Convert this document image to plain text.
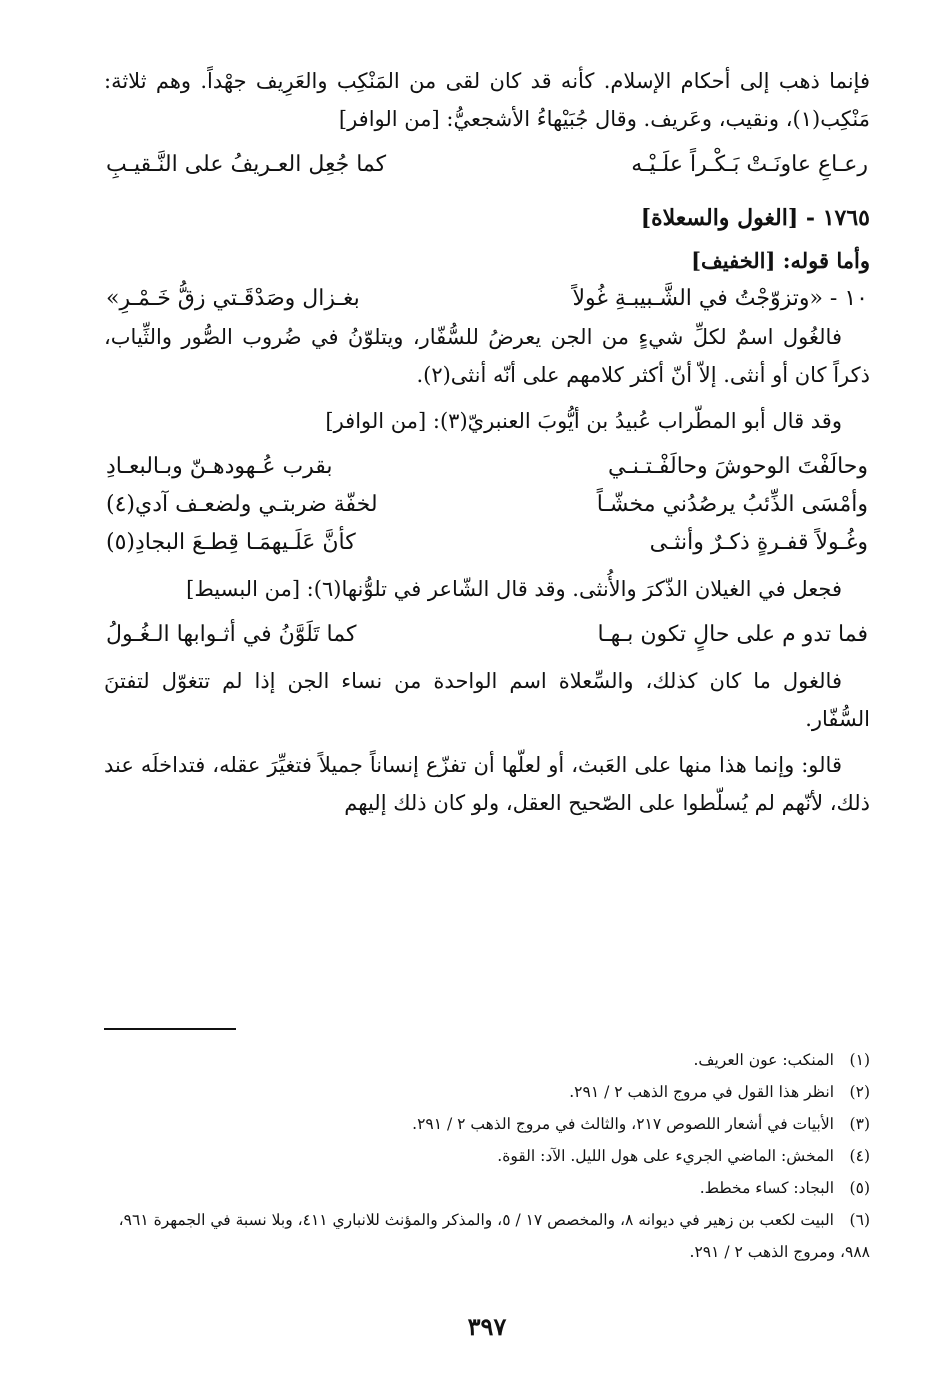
فإنما ذهب إلى أحكام الإسلام. كأنه قد كان لقى من المَنْكِب والعَرِيف جهْداً. وهم ثلاثة: مَنْكِب(١)، ونقيب، وعَريف. وقال جُبَيْهاءُ الأشجعيُّ: [من الوافر]

رعـاعِ عاونَـتْ بَـكْـراً علَـيْـه
كما جُعِل العـريفُ على النَّـقيـبِ
١٧٦٥ - [الغول والسعلاة]
وأما قوله: [الخفيف]
١٠ - «وتزوّجْتُ في الشَّـبيبـةِ غُولاً
بغـزال وصَدْقَـتي زقُّ خَـمْـرِ»

فالغُول اسمٌ لكلِّ شيءٍ من الجن يعرضُ للسُّفّار، ويتلوّنُ في ضُروب الصُّور والثِّياب، ذكراً كان أو أنثى. إلاّ أنّ أكثر كلامهم على أنّه أنثى(٢).

وقد قال أبو المطّراب عُبيدُ بن أيُّوبَ العنبريّ(٣): [من الوافر]

وحالَفْتَ الوحوشَ وحالَفْـتـنـي
بقرب عُـهودهـنّ وبـالبعـادِ
وأمْسَى الذِّئبُ يرصُدُني مخشّـاً
لخفّة ضربتـي ولضعـف آدي(٤)
وغُـولاً قفـرةٍ ذكـرٌ وأنثـى
كأنَّ عَلَـيهمَـا قِطـعَ البجادِ(٥)

فجعل في الغيلان الذّكرَ والأُنثى. وقد قال الشّاعر في تلوُّنها(٦): [من البسيط]

فما تدو م على حالٍ تكون بـهـا
كما تَلَوَّنُ في أثـوابها الـغُـولُ

فالغول ما كان كذلك، والسِّعلاة اسم الواحدة من نساء الجن إذا لم تتغوّل لتفتنَ السُّفّار.

قالو: وإنما هذا منها على العَبث، أو لعلّها أن تفزّع إنساناً جميلاً فتغيِّرَ عقله، فتداخلَه عند ذلك، لأنّهم لم يُسلّطوا على الصّحيح العقل، ولو كان ذلك إليهم

(١)المنكب: عون العريف.

(٢)انظر هذا القول في مروج الذهب ٢ / ٢٩١.

(٣)الأبيات في أشعار اللصوص ٢١٧، والثالث في مروج الذهب ٢ / ٢٩١.

(٤)المخش: الماضي الجريء على هول الليل. الآد: القوة.

(٥)البجاد: كساء مخطط.

(٦)البيت لكعب بن زهير في ديوانه ٨، والمخصص ١٧ / ٥، والمذكر والمؤنث للانباري ٤١١، وبلا نسبة في الجمهرة ٩٦١، ٩٨٨، ومروج الذهب ٢ / ٢٩١.

٣٩٧
